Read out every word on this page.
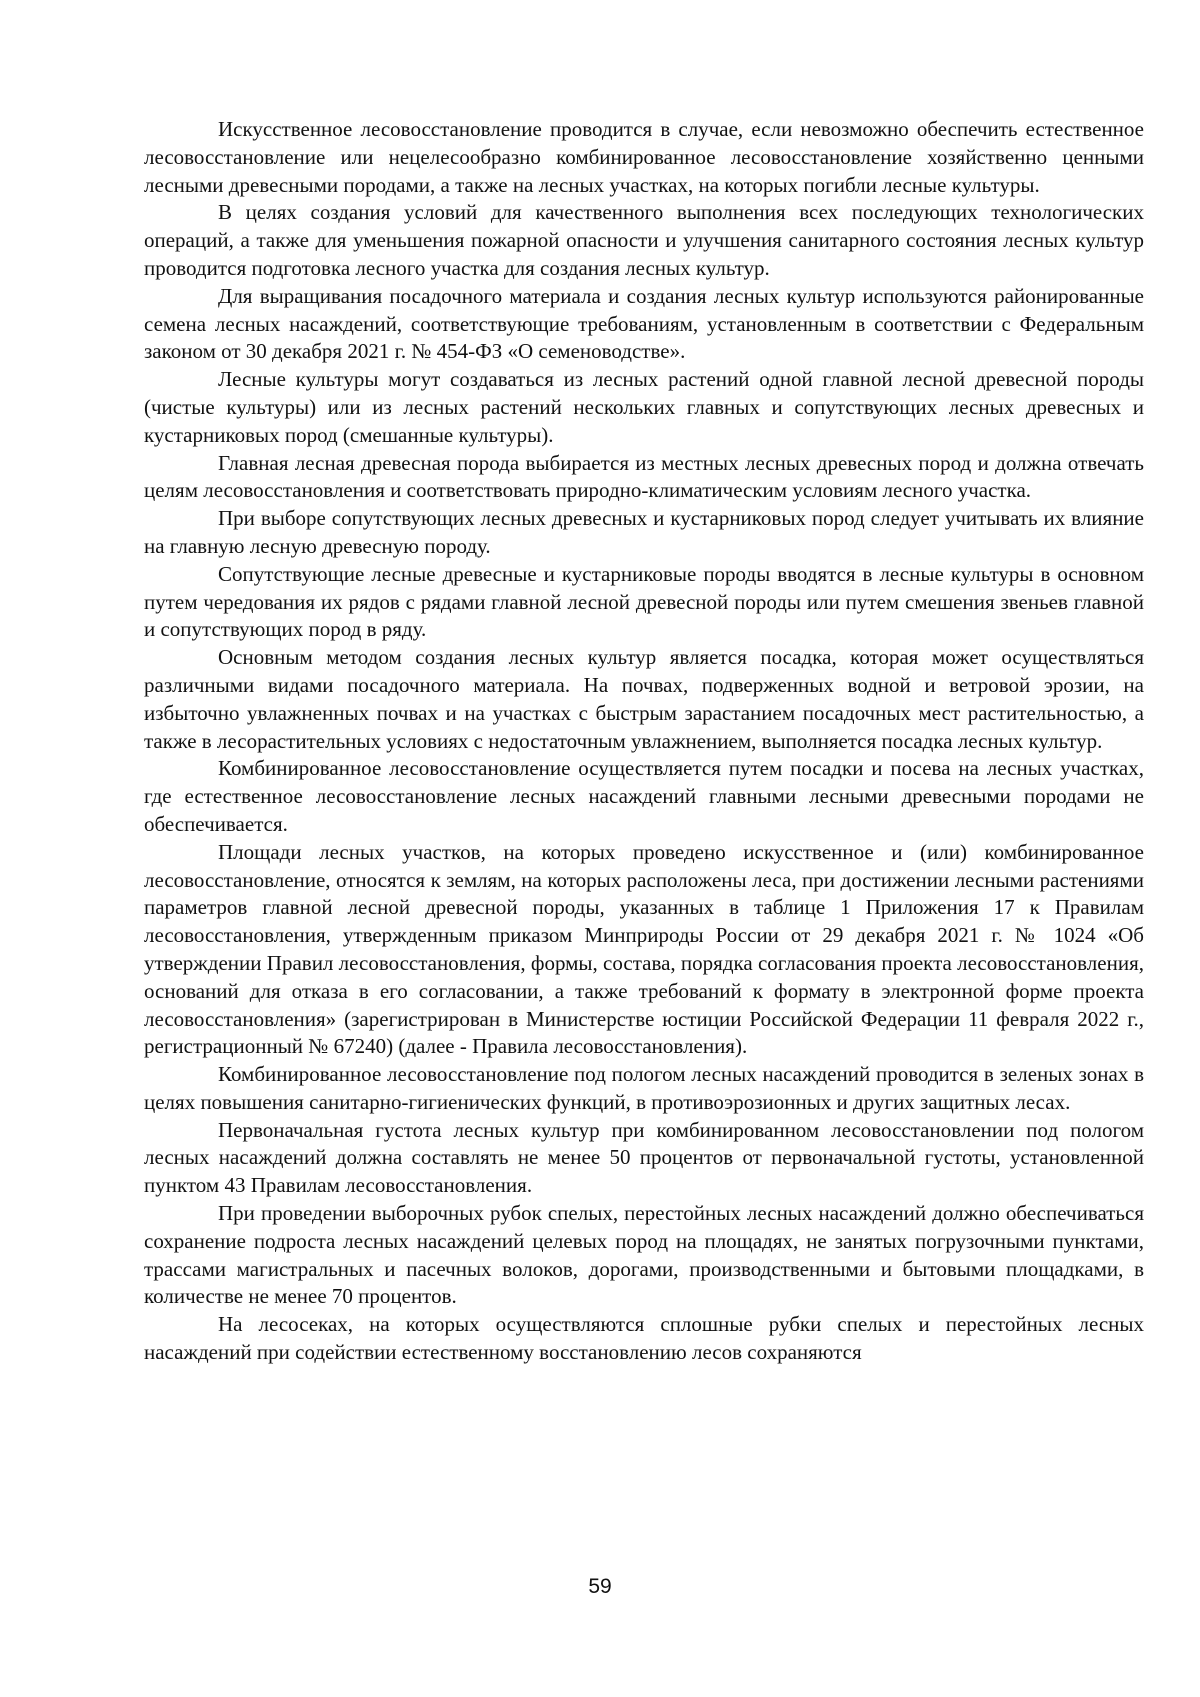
Искусственное лесовосстановление проводится в случае, если невозможно обеспечить естественное лесовосстановление или нецелесообразно комбинированное лесовосстановление хозяйственно ценными лесными древесными породами, а также на лесных участках, на которых погибли лесные культуры.

В целях создания условий для качественного выполнения всех последующих технологических операций, а также для уменьшения пожарной опасности и улучшения санитарного состояния лесных культур проводится подготовка лесного участка для создания лесных культур.

Для выращивания посадочного материала и создания лесных культур используются районированные семена лесных насаждений, соответствующие требованиям, установленным в соответствии с Федеральным законом от 30 декабря 2021 г. № 454-ФЗ «О семеноводстве».

Лесные культуры могут создаваться из лесных растений одной главной лесной древесной породы (чистые культуры) или из лесных растений нескольких главных и сопутствующих лесных древесных и кустарниковых пород (смешанные культуры).

Главная лесная древесная порода выбирается из местных лесных древесных пород и должна отвечать целям лесовосстановления и соответствовать природно-климатическим условиям лесного участка.

При выборе сопутствующих лесных древесных и кустарниковых пород следует учитывать их влияние на главную лесную древесную породу.

Сопутствующие лесные древесные и кустарниковые породы вводятся в лесные культуры в основном путем чередования их рядов с рядами главной лесной древесной породы или путем смешения звеньев главной и сопутствующих пород в ряду.

Основным методом создания лесных культур является посадка, которая может осуществляться различными видами посадочного материала. На почвах, подверженных водной и ветровой эрозии, на избыточно увлажненных почвах и на участках с быстрым зарастанием посадочных мест растительностью, а также в лесорастительных условиях с недостаточным увлажнением, выполняется посадка лесных культур.

Комбинированное лесовосстановление осуществляется путем посадки и посева на лесных участках, где естественное лесовосстановление лесных насаждений главными лесными древесными породами не обеспечивается.

Площади лесных участков, на которых проведено искусственное и (или) комбинированное лесовосстановление, относятся к землям, на которых расположены леса, при достижении лесными растениями параметров главной лесной древесной породы, указанных в таблице 1 Приложения 17 к Правилам лесовосстановления, утвержденным приказом Минприроды России от 29 декабря 2021 г. № 1024 «Об утверждении Правил лесовосстановления, формы, состава, порядка согласования проекта лесовосстановления, оснований для отказа в его согласовании, а также требований к формату в электронной форме проекта лесовосстановления» (зарегистрирован в Министерстве юстиции Российской Федерации 11 февраля 2022 г., регистрационный № 67240) (далее - Правила лесовосстановления).

Комбинированное лесовосстановление под пологом лесных насаждений проводится в зеленых зонах в целях повышения санитарно-гигиенических функций, в противоэрозионных и других защитных лесах.

Первоначальная густота лесных культур при комбинированном лесовосстановлении под пологом лесных насаждений должна составлять не менее 50 процентов от первоначальной густоты, установленной пунктом 43 Правилам лесовосстановления.

При проведении выборочных рубок спелых, перестойных лесных насаждений должно обеспечиваться сохранение подроста лесных насаждений целевых пород на площадях, не занятых погрузочными пунктами, трассами магистральных и пасечных волоков, дорогами, производственными и бытовыми площадками, в количестве не менее 70 процентов.

На лесосеках, на которых осуществляются сплошные рубки спелых и перестойных лесных насаждений при содействии естественному восстановлению лесов сохраняются

59
